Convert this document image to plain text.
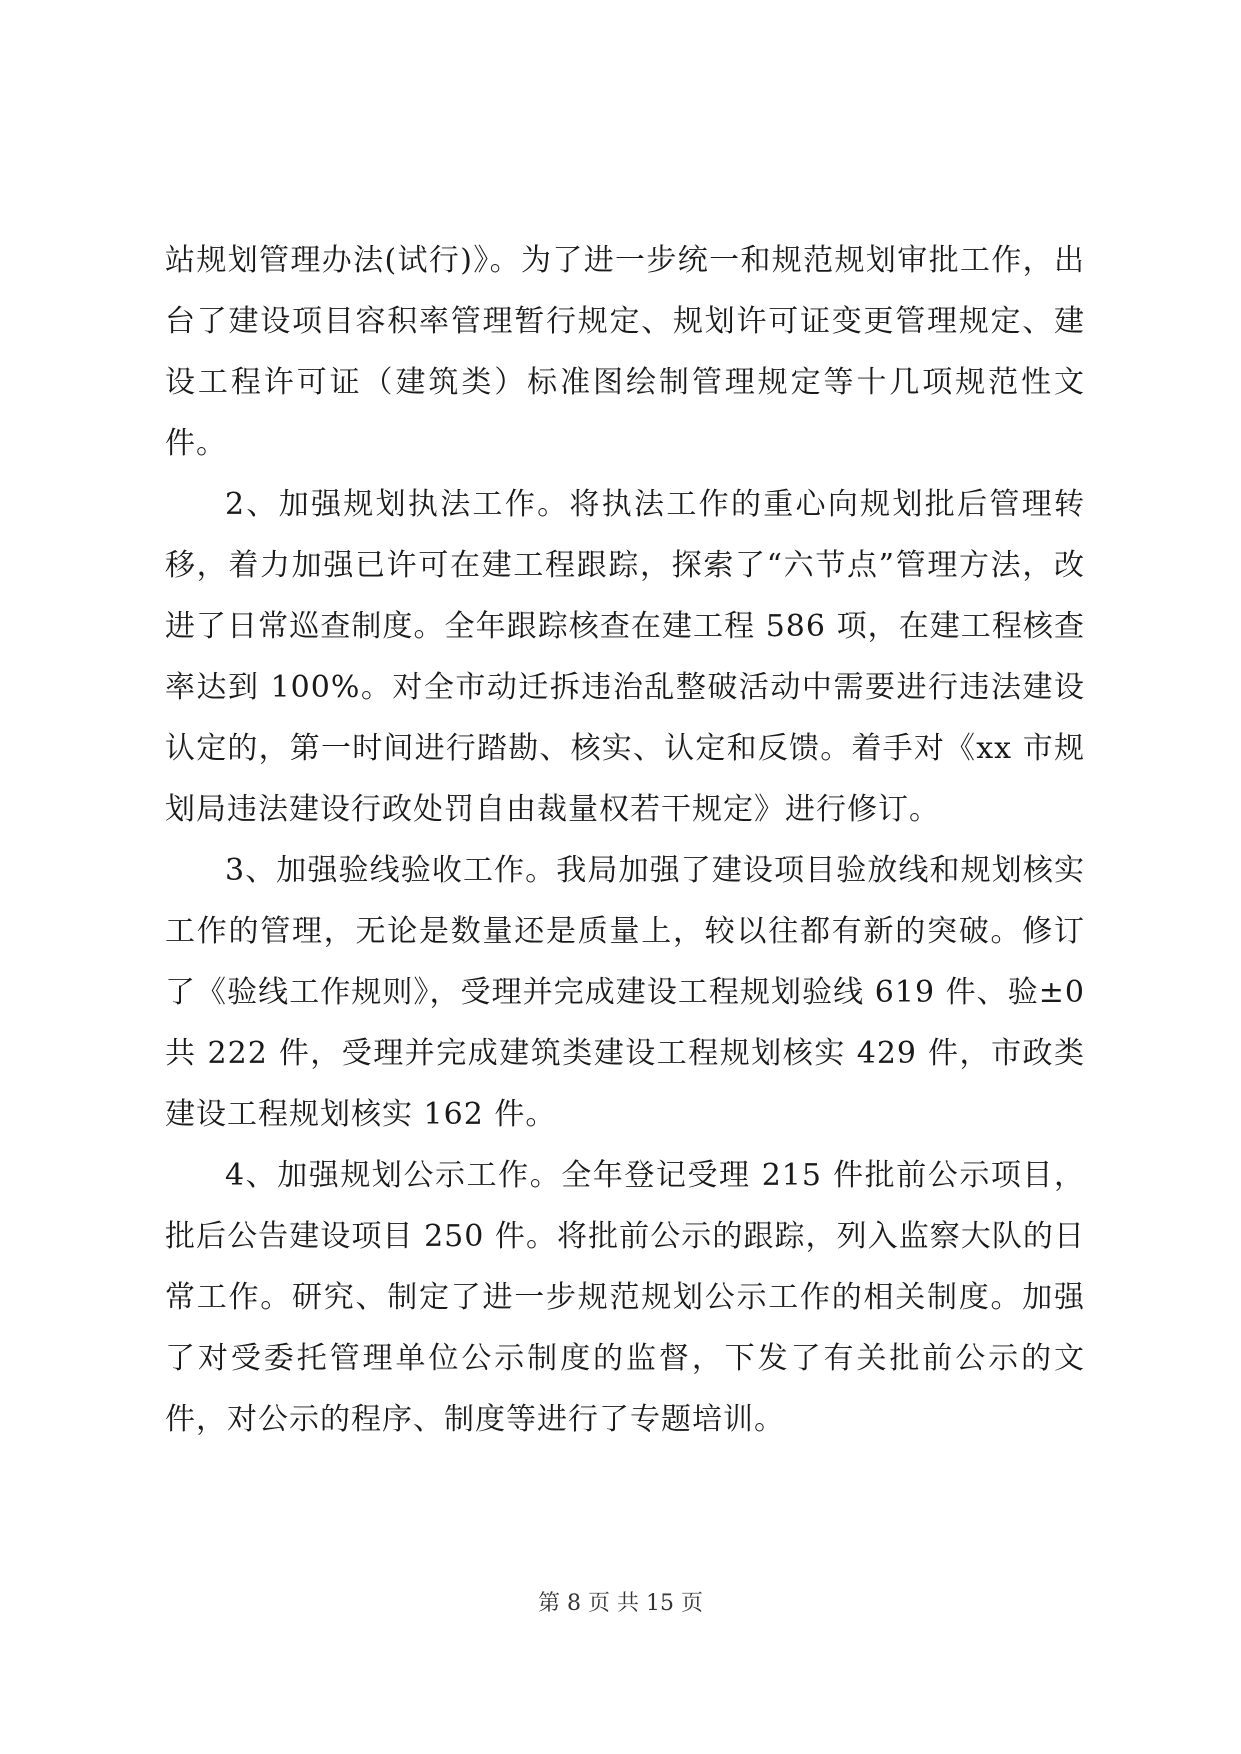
站规划管理办法(试行)》。为了进一步统一和规范规划审批工作，出台了建设项目容积率管理暂行规定、规划许可证变更管理规定、建设工程许可证（建筑类）标准图绘制管理规定等十几项规范性文件。

2、加强规划执法工作。将执法工作的重心向规划批后管理转移，着力加强已许可在建工程跟踪，探索了“六节点”管理方法，改进了日常巡查制度。全年跟踪核查在建工程 586 项，在建工程核查率达到 100%。对全市动迁拆违治乱整破活动中需要进行违法建设认定的，第一时间进行踏勘、核实、认定和反馈。着手对《xx 市规划局违法建设行政处罚自由裁量权若干规定》进行修订。

3、加强验线验收工作。我局加强了建设项目验放线和规划核实工作的管理，无论是数量还是质量上，较以往都有新的突破。修订了《验线工作规则》，受理并完成建设工程规划验线 619 件、验±0 共 222 件，受理并完成建筑类建设工程规划核实 429 件，市政类建设工程规划核实 162 件。

4、加强规划公示工作。全年登记受理 215 件批前公示项目，批后公告建设项目 250 件。将批前公示的跟踪，列入监察大队的日常工作。研究、制定了进一步规范规划公示工作的相关制度。加强了对受委托管理单位公示制度的监督，下发了有关批前公示的文件，对公示的程序、制度等进行了专题培训。

第 8 页 共 15 页
